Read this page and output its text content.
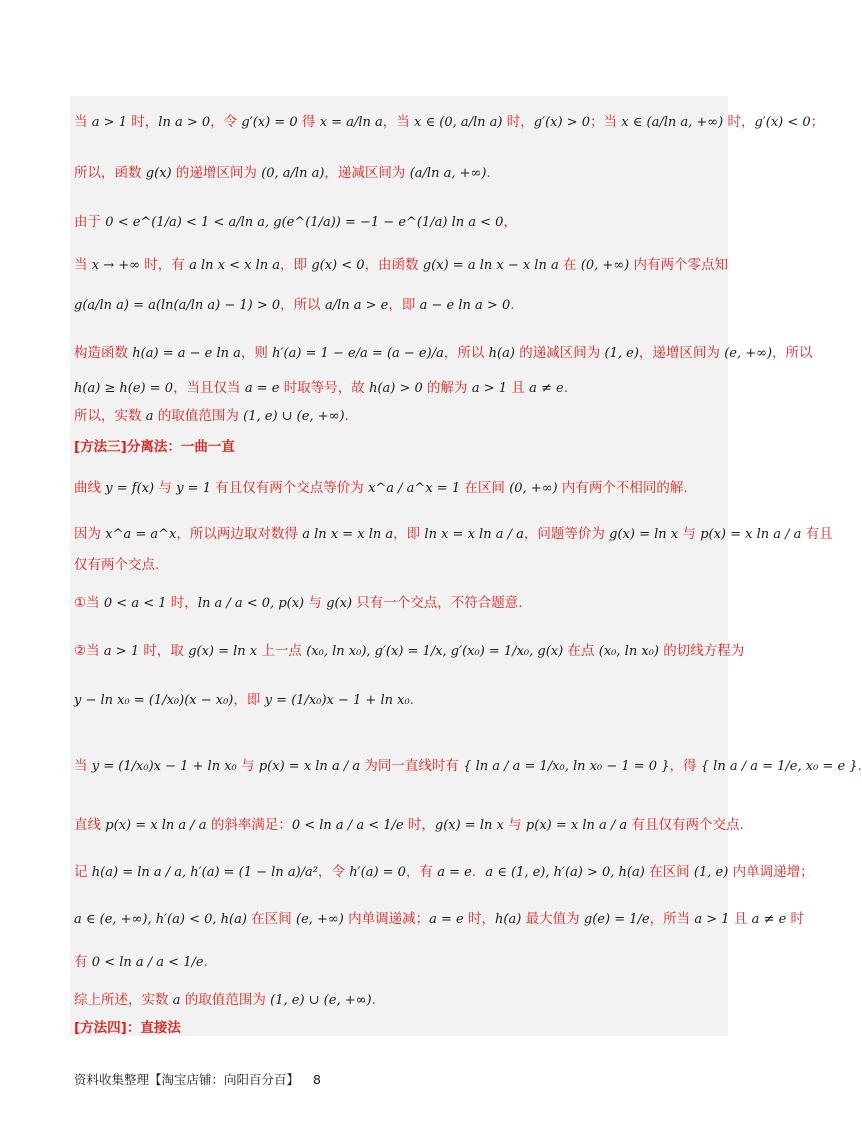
当 a > 1 时，ln a > 0，令 g′(x) = 0 得 x = a/ln a，当 x ∈ (0, a/ln a) 时，g′(x) > 0；当 x ∈ (a/ln a, +∞) 时，g′(x) < 0；
所以，函数 g(x) 的递增区间为 (0, a/ln a)，递减区间为 (a/ln a, +∞).
由于 0 < e^(1/a) < 1 < a/ln a, g(e^(1/a)) = −1 − e^(1/a) ln a < 0，
当 x → +∞ 时，有 a ln x < x ln a，即 g(x) < 0，由函数 g(x) = a ln x − x ln a 在 (0, +∞) 内有两个零点知
g(a/ln a) = a(ln(a/ln a) − 1) > 0，所以 a/ln a > e，即 a − e ln a > 0.
构造函数 h(a) = a − e ln a，则 h′(a) = 1 − e/a = (a − e)/a，所以 h(a) 的递减区间为 (1, e)，递增区间为 (e, +∞)，所以
h(a) ≥ h(e) = 0，当且仅当 a = e 时取等号，故 h(a) > 0 的解为 a > 1 且 a ≠ e.
所以，实数 a 的取值范围为 (1, e) ∪ (e, +∞).
[方法三]分离法：一曲一直
曲线 y = f(x) 与 y = 1 有且仅有两个交点等价为 x^a / a^x = 1 在区间 (0, +∞) 内有两个不相同的解.
因为 x^a = a^x，所以两边取对数得 a ln x = x ln a，即 ln x = x ln a / a，问题等价为 g(x) = ln x 与 p(x) = x ln a / a 有且
仅有两个交点.
①当 0 < a < 1 时，ln a / a < 0, p(x) 与 g(x) 只有一个交点，不符合题意.
②当 a > 1 时，取 g(x) = ln x 上一点 (x₀, ln x₀), g′(x) = 1/x, g′(x₀) = 1/x₀, g(x) 在点 (x₀, ln x₀) 的切线方程为
y − ln x₀ = (1/x₀)(x − x₀)，即 y = (1/x₀)x − 1 + ln x₀.
当 y = (1/x₀)x − 1 + ln x₀ 与 p(x) = x ln a / a 为同一直线时有 { ln a / a = 1/x₀, ln x₀ − 1 = 0 }，得 { ln a / a = 1/e, x₀ = e }.
直线 p(x) = x ln a / a 的斜率满足：0 < ln a / a < 1/e 时，g(x) = ln x 与 p(x) = x ln a / a 有且仅有两个交点.
记 h(a) = ln a / a, h′(a) = (1 − ln a)/a²，令 h′(a) = 0，有 a = e．a ∈ (1, e), h′(a) > 0, h(a) 在区间 (1, e) 内单调递增；
a ∈ (e, +∞), h′(a) < 0, h(a) 在区间 (e, +∞) 内单调递减；a = e 时，h(a) 最大值为 g(e) = 1/e，所当 a > 1 且 a ≠ e 时
有 0 < ln a / a < 1/e.
综上所述，实数 a 的取值范围为 (1, e) ∪ (e, +∞).
[方法四]：直接法
资料收集整理【淘宝店铺：向阳百分百】 8
